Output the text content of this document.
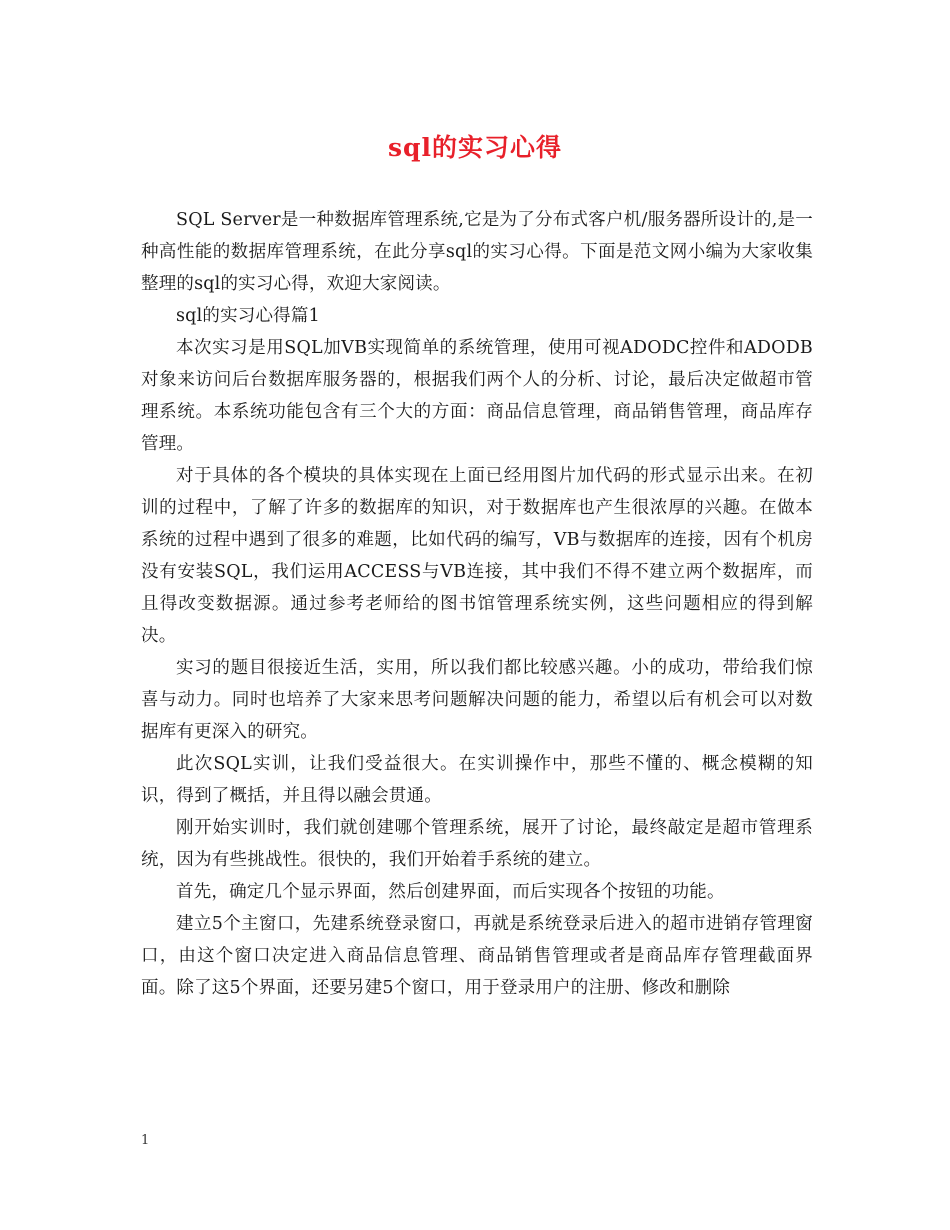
sql的实习心得

SQL Server是一种数据库管理系统,它是为了分布式客户机/服务器所设计的,是一种高性能的数据库管理系统，在此分享sql的实习心得。下面是范文网小编为大家收集整理的sql的实习心得，欢迎大家阅读。

sql的实习心得篇1

本次实习是用SQL加VB实现简单的系统管理，使用可视ADODC控件和ADODB对象来访问后台数据库服务器的，根据我们两个人的分析、讨论，最后决定做超市管理系统。本系统功能包含有三个大的方面：商品信息管理，商品销售管理，商品库存管理。

对于具体的各个模块的具体实现在上面已经用图片加代码的形式显示出来。在初训的过程中，了解了许多的数据库的知识，对于数据库也产生很浓厚的兴趣。在做本系统的过程中遇到了很多的难题，比如代码的编写，VB与数据库的连接，因有个机房没有安装SQL，我们运用ACCESS与VB连接，其中我们不得不建立两个数据库，而且得改变数据源。通过参考老师给的图书馆管理系统实例，这些问题相应的得到解决。

实习的题目很接近生活，实用，所以我们都比较感兴趣。小的成功，带给我们惊喜与动力。同时也培养了大家来思考问题解决问题的能力，希望以后有机会可以对数据库有更深入的研究。

此次SQL实训，让我们受益很大。在实训操作中，那些不懂的、概念模糊的知识，得到了概括，并且得以融会贯通。

刚开始实训时，我们就创建哪个管理系统，展开了讨论，最终敲定是超市管理系统，因为有些挑战性。很快的，我们开始着手系统的建立。

首先，确定几个显示界面，然后创建界面，而后实现各个按钮的功能。

建立5个主窗口，先建系统登录窗口，再就是系统登录后进入的超市进销存管理窗口，由这个窗口决定进入商品信息管理、商品销售管理或者是商品库存管理截面界面。除了这5个界面，还要另建5个窗口，用于登录用户的注册、修改和删除

1
